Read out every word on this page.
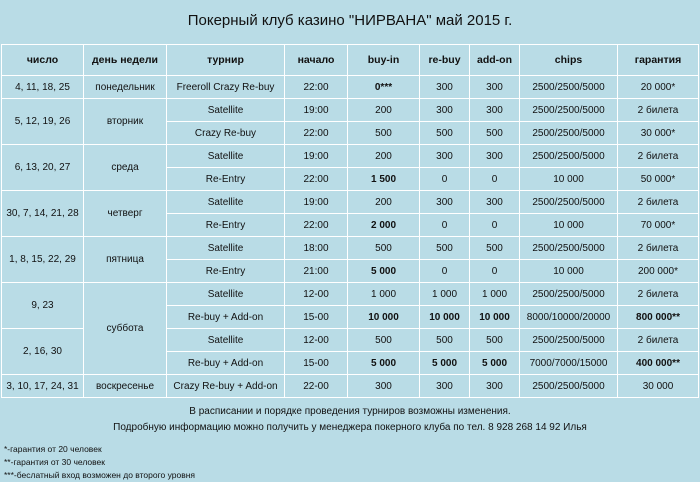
Покерный клуб казино "НИРВАНА" май 2015 г.
число	день недели	турнир	начало	buy-in	re-buy	add-on	chips	гарантия
4, 11, 18, 25	понедельник	Freeroll Crazy Re-buy	22:00	0***	300	300	2500/2500/5000	20 000*
5, 12, 19, 26	вторник	Satellite	19:00	200	300	300	2500/2500/5000	2 билета
		Crazy Re-buy	22:00	500	500	500	2500/2500/5000	30 000*
6, 13, 20, 27	среда	Satellite	19:00	200	300	300	2500/2500/5000	2 билета
		Re-Entry	22:00	1 500	0	0	10 000	50 000*
30, 7, 14, 21, 28	четверг	Satellite	19:00	200	300	300	2500/2500/5000	2 билета
		Re-Entry	22:00	2 000	0	0	10 000	70 000*
1, 8, 15, 22, 29	пятница	Satellite	18:00	500	500	500	2500/2500/5000	2 билета
		Re-Entry	21:00	5 000	0	0	10 000	200 000*
9, 23	суббота	Satellite	12-00	1 000	1 000	1 000	2500/2500/5000	2 билета
		Re-buy + Add-on	15-00	10 000	10 000	10 000	8000/10000/20000	800 000**
2, 16, 30		Satellite	12-00	500	500	500	2500/2500/5000	2 билета
		Re-buy + Add-on	15-00	5 000	5 000	5 000	7000/7000/15000	400 000**
3, 10, 17, 24, 31	воскресенье	Crazy Re-buy + Add-on	22-00	300	300	300	2500/2500/5000	30 000
В расписании и порядке проведения турниров возможны изменения.
Подробную информацию можно получить у менеджера покерного клуба по тел. 8 928 268 14 92 Илья
*-гарантия от 20 человек
**-гарантия от 30 человек
***-беслатный вход возможен до второго уровня
